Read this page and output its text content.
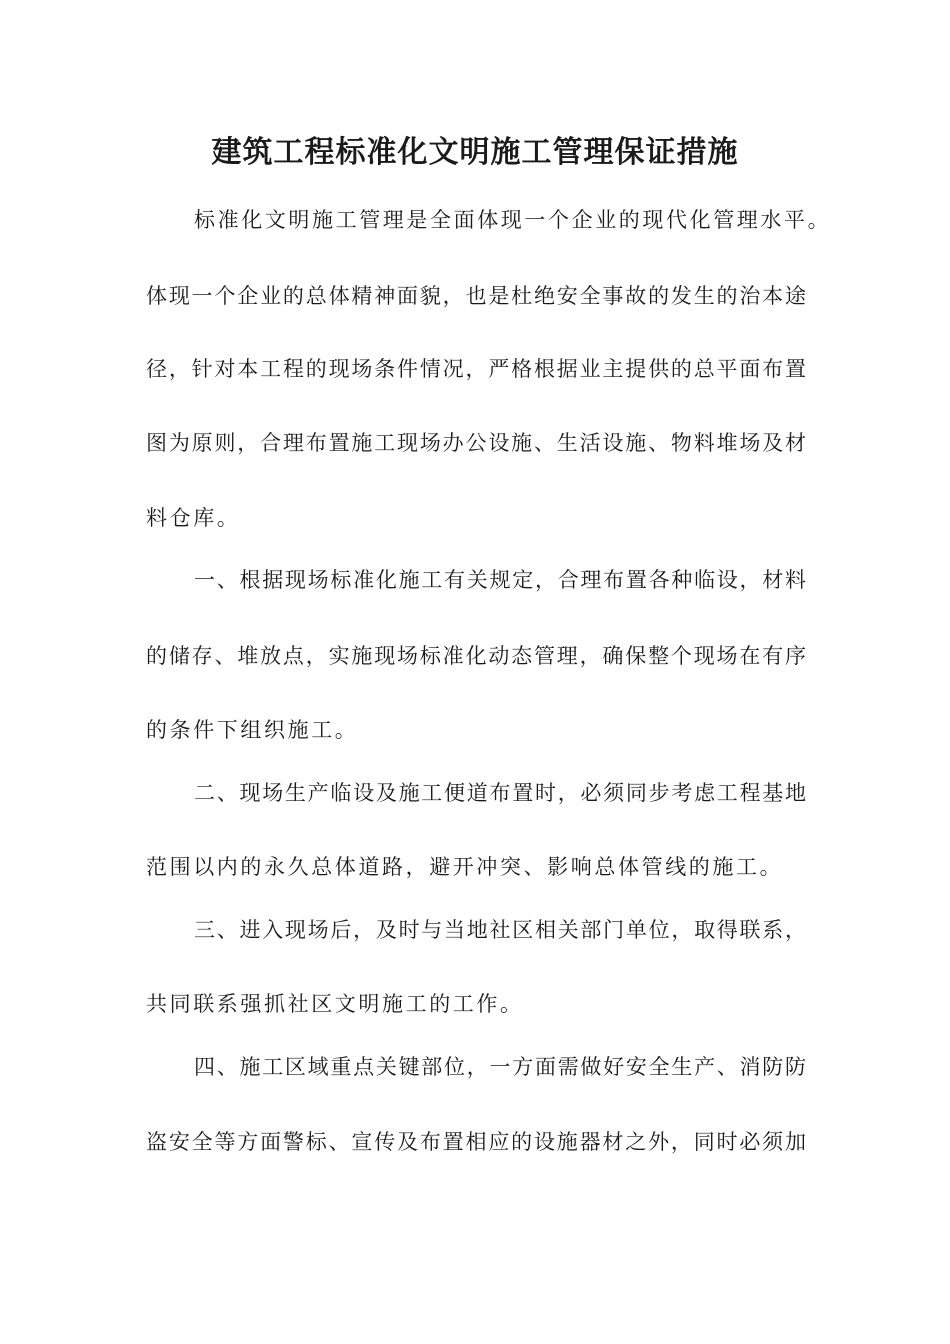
建筑工程标准化文明施工管理保证措施

标准化文明施工管理是全面体现一个企业的现代化管理水平。

体现一个企业的总体精神面貌，也是杜绝安全事故的发生的治本途

径，针对本工程的现场条件情况，严格根据业主提供的总平面布置

图为原则，合理布置施工现场办公设施、生活设施、物料堆场及材

料仓库。

一、根据现场标准化施工有关规定，合理布置各种临设，材料

的储存、堆放点，实施现场标准化动态管理，确保整个现场在有序

的条件下组织施工。

二、现场生产临设及施工便道布置时，必须同步考虑工程基地

范围以内的永久总体道路，避开冲突、影响总体管线的施工。

三、进入现场后，及时与当地社区相关部门单位，取得联系，

共同联系强抓社区文明施工的工作。

四、施工区域重点关键部位，一方面需做好安全生产、消防防

盗安全等方面警标、宣传及布置相应的设施器材之外，同时必须加
